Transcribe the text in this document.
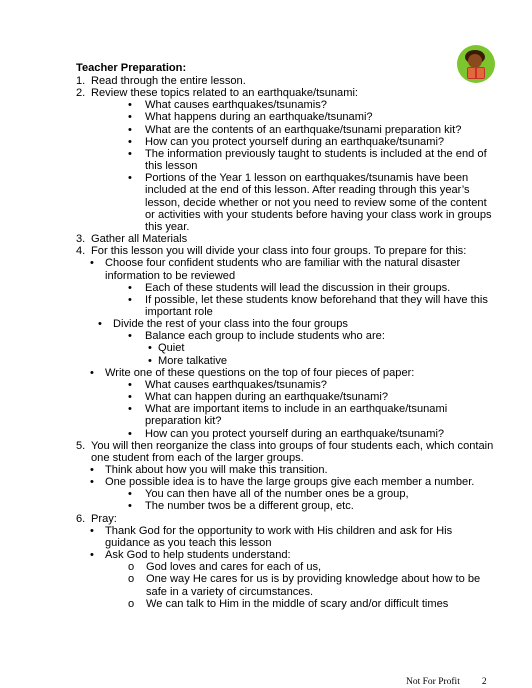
Teacher Preparation:
1. Read through the entire lesson.
2. Review these topics related to an earthquake/tsunami:
•	What causes earthquakes/tsunamis?
•	What happens during an earthquake/tsunami?
•	What are the contents of an earthquake/tsunami preparation kit?
•	How can you protect yourself during an earthquake/tsunami?
•	The information previously taught to students is included at the end of this lesson
•	Portions of the Year 1 lesson on earthquakes/tsunamis have been included at the end of this lesson. After reading through this year’s lesson, decide whether or not you need to review some of the content or activities with your students before having your class work in groups this year.
3. Gather all Materials
4. For this lesson you will divide your class into four groups. To prepare for this:
•	Choose four confident students who are familiar with the natural disaster information to be reviewed
•	Each of these students will lead the discussion in their groups.
•	If possible, let these students know beforehand that they will have this important role
•	Divide the rest of your class into the four groups
•	Balance each group to include students who are:
• Quiet
• More talkative
•	Write one of these questions on the top of four pieces of paper:
•	What causes earthquakes/tsunamis?
•	What can happen during an earthquake/tsunami?
•	What are important items to include in an earthquake/tsunami preparation kit?
•	How can you protect yourself during an earthquake/tsunami?
5. You will then reorganize the class into groups of four students each, which contain one student from each of the larger groups.
•	Think about how you will make this transition.
•	One possible idea is to have the large groups give each member a number.
•	You can then have all of the number ones be a group,
•	The number twos be a different group, etc.
6. Pray:
•	Thank God for the opportunity to work with His children and ask for His guidance as you teach this lesson
•	Ask God to help students understand:
o	God loves and cares for each of us,
o	One way He cares for us is by providing knowledge about how to be safe in a variety of circumstances.
o	We can talk to Him in the middle of scary and/or difficult times
Not For Profit 2
